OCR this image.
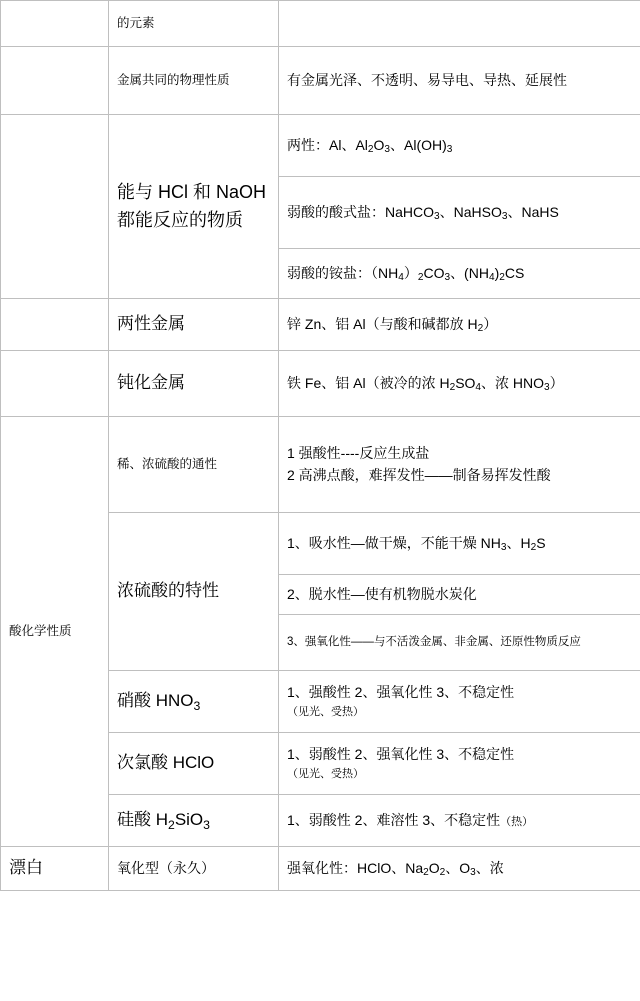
	的元素	
	金属共同的物理性质	有金属光泽、不透明、易导电、导热、延展性
	能与 HCl 和 NaOH 都能反应的物质	两性：Al、$Al_2O_3$、$Al(OH)_3$
		弱酸的酸式盐：NaHCO$_3$、NaHSO$_3$、NaHS
		弱酸的铵盐：$(NH_4)_2CO_3$、$(NH_4)_2CS$
	两性金属	锌 Zn、铝 Al（与酸和碱都放 $H_2$）
	钝化金属	铁 Fe、铝 Al（被冷的浓 $H_2SO_4$、浓 $HNO_3$）
酸化学性质	稀、浓硫酸的通性	1 强酸性----反应生成盐
2 高沸点酸，难挥发性——制备易挥发性酸

	浓硫酸的特性	1、吸水性—做干燥，不能干燥 $NH_3$、$H_2S$
		2、脱水性—使有机物脱水炭化
		3、强氧化性——与不活泼金属、非金属、还原性物质反应
	硝酸 $HNO_3$	1、强酸性 2、强氧化性 3、不稳定性
（见光、受热）

	次氯酸 HClO	1、弱酸性 2、强氧化性 3、不稳定性
（见光、受热）

	硅酸 $H_2SiO_3$	1、弱酸性 2、难溶性 3、不稳定性（热）
漂白	氧化型（永久）	强氧化性：HClO、$Na_2O_2$、$O_3$、浓
